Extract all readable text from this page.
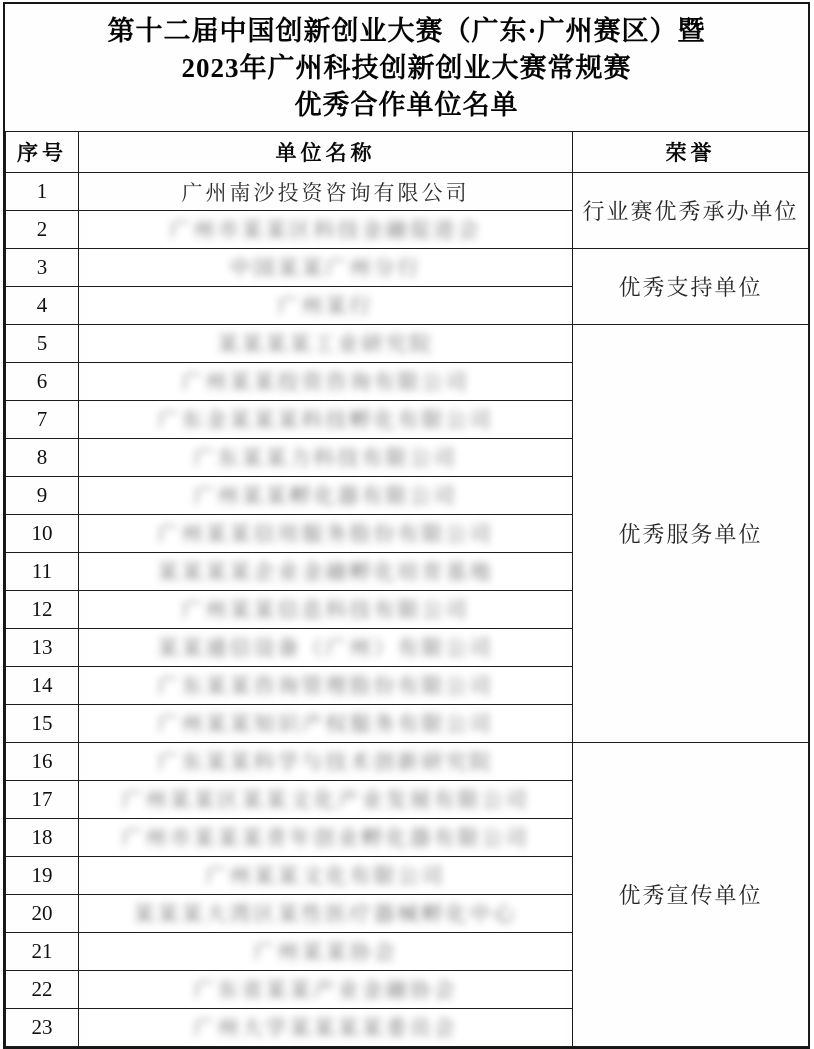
第十二届中国创新创业大赛（广东·广州赛区）暨
2023年广州科技创新创业大赛常规赛
优秀合作单位名单
序号	单位名称	荣誉
1	广州南沙投资咨询有限公司	行业赛优秀承办单位
2	广州市某某区科技金融促进会	

3	中国某某广州分行	优秀支持单位
4	广州某行	

5	某某某某工业研究院	优秀服务单位
6	广州某某投资咨询有限公司	

7	广东金某某某科技孵化有限公司	

8	广东某某力科技有限公司	

9	广州某某孵化器有限公司	

10	广州某某信用服务股份有限公司	

11	某某某某企业金融孵化培育基地	

12	广州某某信息科技有限公司	

13	某某通信设备（广州）有限公司	

14	广东某某咨询管理股份有限公司	

15	广州某某知识产权服务有限公司	

16	广东某某科学与技术创新研究院	优秀宣传单位
17	广州某某区某某文化产业发展有限公司	

18	广州市某某某青年创业孵化器有限公司	

19	广州某某文化有限公司	

20	某某某大湾区某性医疗器械孵化中心	

21	广州某某协会	

22	广东省某某产业金融协会	

23	广州大学某某某某委员会	
